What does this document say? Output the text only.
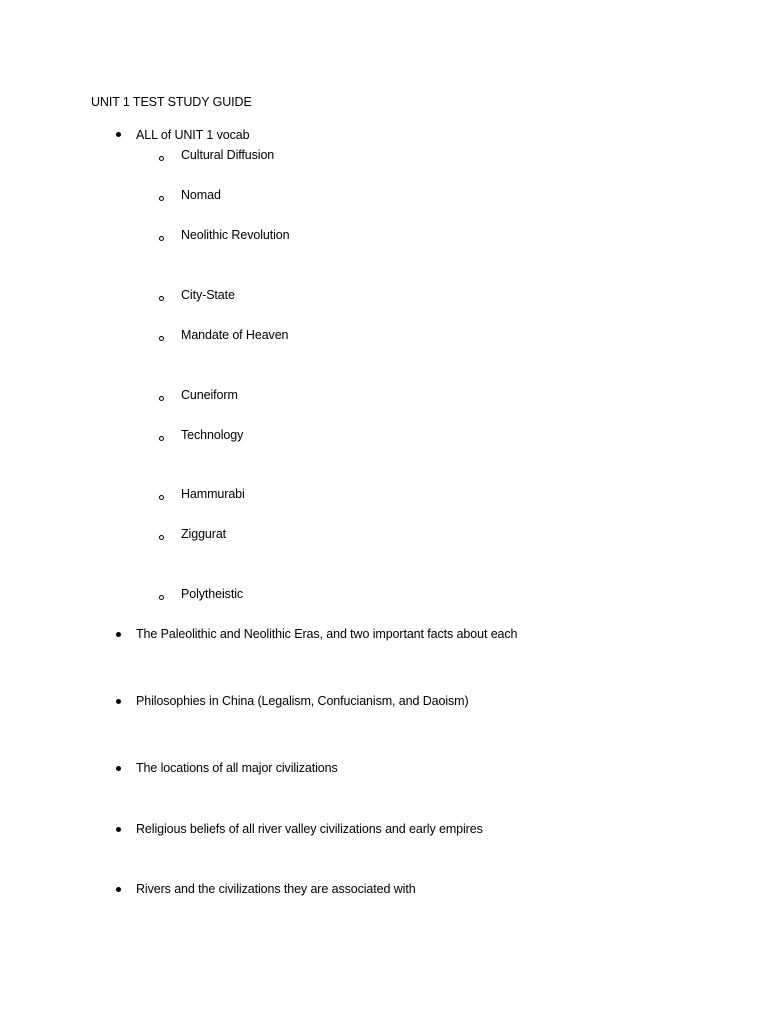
UNIT 1 TEST STUDY GUIDE
ALL of UNIT 1 vocab
Cultural Diffusion
Nomad
Neolithic Revolution
City-State
Mandate of Heaven
Cuneiform
Technology
Hammurabi
Ziggurat
Polytheistic
The Paleolithic and Neolithic Eras, and two important facts about each
Philosophies in China (Legalism, Confucianism, and Daoism)
The locations of all major civilizations
Religious beliefs of all river valley civilizations and early empires
Rivers and the civilizations they are associated with
